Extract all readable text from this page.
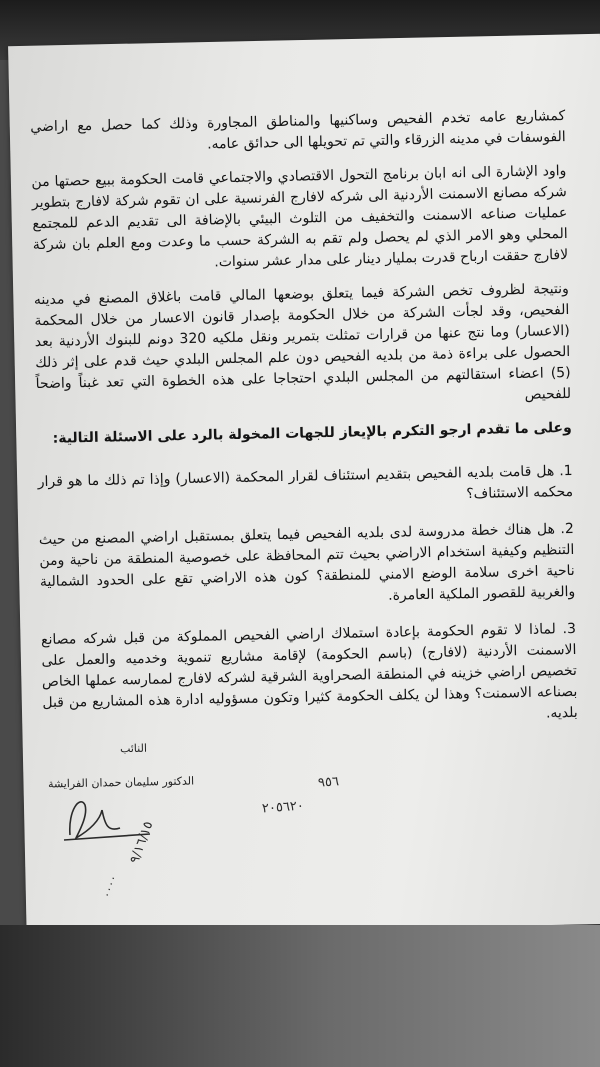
كمشاريع عامه تخدم الفحيص وساكنيها والمناطق المجاورة وذلك كما حصل مع اراضي الفوسفات في مدينه الزرقاء والتي تم تحويلها الى حدائق عامه.

واود الإشارة الى انه ابان برنامج التحول الاقتصادي والاجتماعي قامت الحكومة ببيع حصتها من شركه مصانع الاسمنت الأردنية الى شركه لافارج الفرنسية على ان تقوم شركة لافارج بتطوير عمليات صناعه الاسمنت والتخفيف من التلوث البيئي بالإضافة الى تقديم الدعم للمجتمع المحلي وهو الامر الذي لم يحصل ولم تقم به الشركة حسب ما وعدت ومع العلم بان شركة لافارج حققت ارباح قدرت بمليار دينار على مدار عشر سنوات.

ونتيجة لظروف تخص الشركة فيما يتعلق بوضعها المالي قامت باغلاق المصنع في مدينه الفحيص، وقد لجأت الشركة من خلال الحكومة بإصدار قانون الاعسار من خلال المحكمة (الاعسار) وما نتج عنها من قرارات تمثلت بتمرير ونقل ملكيه 320 دونم للبنوك الأردنية بعد الحصول على براءة ذمة من بلديه الفحيص دون علم المجلس البلدي حيث قدم على إثر ذلك (5) اعضاء استقالتهم من المجلس البلدي احتجاجا على هذه الخطوة التي تعد غبناً واضحاً للفحيص

وعلى ما تقدم ارجو التكرم بالإيعاز للجهات المخولة بالرد على الاسئلة التالية:

1. هل قامت بلديه الفحيص بتقديم استئناف لقرار المحكمة (الاعسار) وإذا تم ذلك ما هو قرار محكمه الاستئناف؟

2. هل هناك خطة مدروسة لدى بلديه الفحيص فيما يتعلق بمستقبل اراضي المصنع من حيث التنظيم وكيفية استخدام الاراضي بحيث تتم المحافظة على خصوصية المنطقة من ناحية ومن ناحية اخرى سلامة الوضع الامني للمنطقة؟ كون هذه الاراضي تقع على الحدود الشمالية والغربية للقصور الملكية العامرة.

3. لماذا لا تقوم الحكومة بإعادة استملاك اراضي الفحيص المملوكة من قبل شركه مصانع الاسمنت الأردنية (لافارج) (باسم الحكومة) لإقامة مشاريع تنموية وخدميه والعمل على تخصيص اراضي خزينه في المنطقة الصحراوية الشرقية لشركه لافارج لممارسه عملها الخاص بصناعه الاسمنت؟ وهذا لن يكلف الحكومة كثيرا وتكون مسؤوليه ادارة هذه المشاريع من قبل بلديه.

النائب
الدكتور سليمان حمدان الفرايشة	٩٥٦
٢٠٥٦٢٠
٩/١٦/١٥
٠٠٠٠
